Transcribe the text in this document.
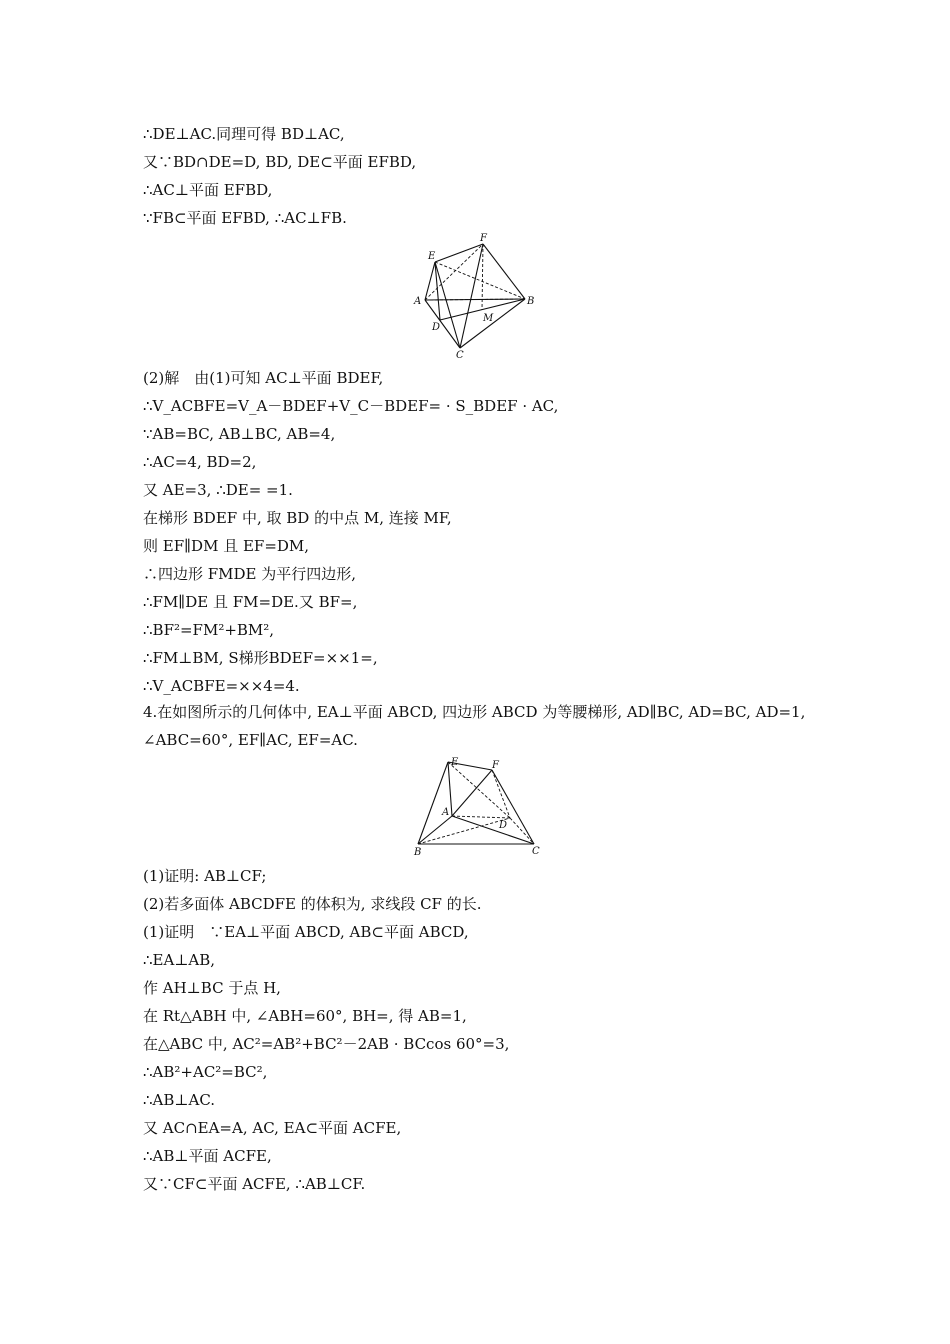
∴DE⊥AC.同理可得 BD⊥AC,
又∵BD∩DE=D, BD, DE⊂平面 EFBD,
∴AC⊥平面 EFBD,
∵FB⊂平面 EFBD, ∴AC⊥FB.
E
F
A	B
D
M
C
(2)解　由(1)可知 AC⊥平面 BDEF,
∴V_ACBFE=V_A－BDEF+V_C－BDEF= · S_BDEF · AC,
∵AB=BC, AB⊥BC, AB=4,
∴AC=4, BD=2,
又 AE=3, ∴DE= =1.
在梯形 BDEF 中, 取 BD 的中点 M, 连接 MF,
则 EF∥DM 且 EF=DM,
∴四边形 FMDE 为平行四边形,
∴FM∥DE 且 FM=DE.又 BF=,
∴BF²=FM²+BM²,
∴FM⊥BM, S梯形BDEF=××1=,
∴V_ACBFE=××4=4.
4.在如图所示的几何体中, EA⊥平面 ABCD, 四边形 ABCD 为等腰梯形, AD∥BC, AD=BC, AD=1, ∠ABC=60°, EF∥AC, EF=AC.
E	F
A
D
B	C
(1)证明: AB⊥CF;
(2)若多面体 ABCDFE 的体积为, 求线段 CF 的长.
(1)证明　∵EA⊥平面 ABCD, AB⊂平面 ABCD,
∴EA⊥AB,
作 AH⊥BC 于点 H,
在 Rt△ABH 中, ∠ABH=60°, BH=, 得 AB=1,
在△ABC 中, AC²=AB²+BC²－2AB · BCcos 60°=3,
∴AB²+AC²=BC²,
∴AB⊥AC.
又 AC∩EA=A, AC, EA⊂平面 ACFE,
∴AB⊥平面 ACFE,
又∵CF⊂平面 ACFE, ∴AB⊥CF.
